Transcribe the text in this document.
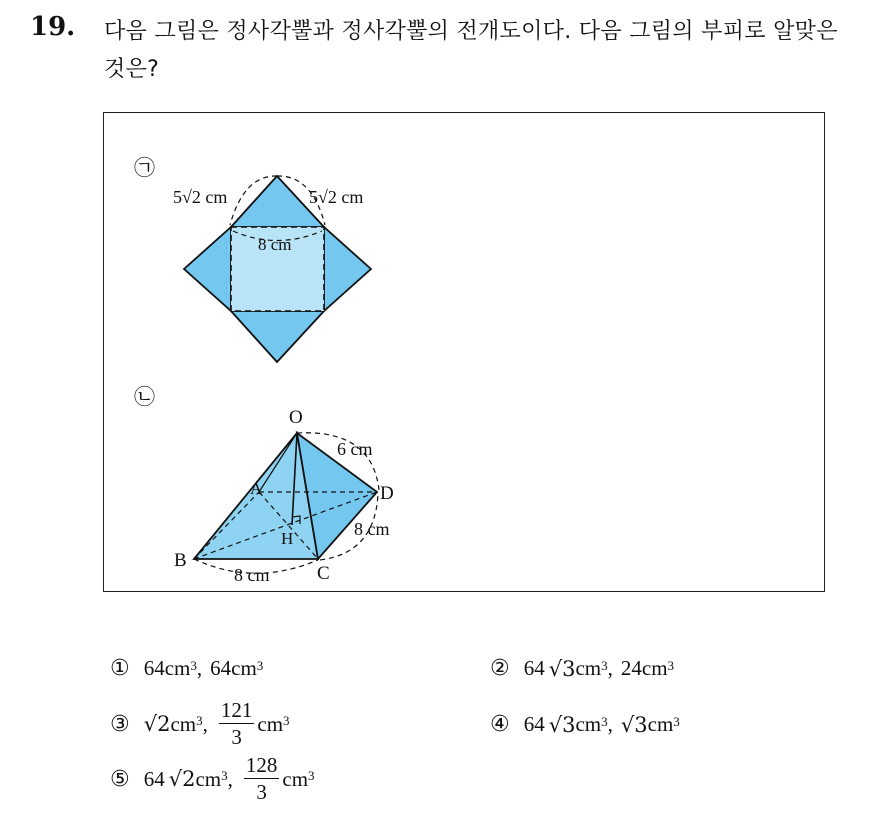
19. 다음 그림은 정사각뿔과 정사각뿔의 전개도이다. 다음 그림의 부피로 알맞은 것은?
㉠
5√2 cm	5√2 cm
8 cm
㉡
O
A
B
C
D
H
6 cm
8 cm
8 cm
① 64 $cm^3$ , 64 $cm^3$	② 64 √3 $cm^3$ , 24 $cm^3$
③ √2 $cm^3$ , $\frac{121}{3} cm^3$	④ 64 √3 $cm^3$ , √3 $cm^3$
⑤ 64 √2 $cm^3$ , $\frac{128}{3} cm^3$
